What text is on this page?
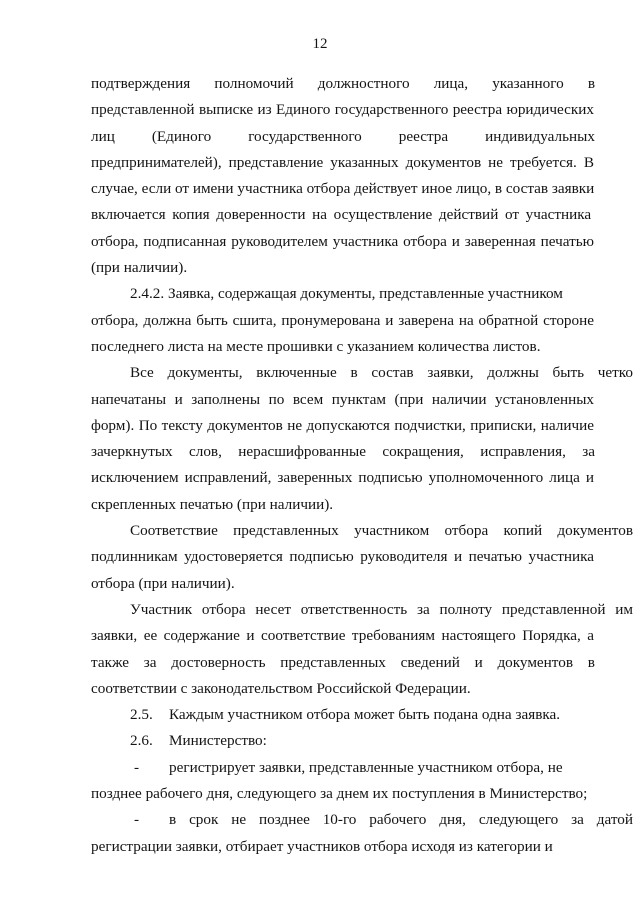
12
подтверждения полномочий должностного лица, указанного в
представленной выписке из Единого государственного реестра юридических
лиц (Единого государственного реестра индивидуальных
предпринимателей), представление указанных документов не требуется. В
случае, если от имени участника отбора действует иное лицо, в состав заявки
включается копия доверенности на осуществление действий от участника
отбора, подписанная руководителем участника отбора и заверенная печатью
(при наличии).
2.4.2. Заявка, содержащая документы, представленные участником
отбора, должна быть сшита, пронумерована и заверена на обратной стороне
последнего листа на месте прошивки с указанием количества листов.
Все документы, включенные в состав заявки, должны быть четко
напечатаны и заполнены по всем пунктам (при наличии установленных
форм). По тексту документов не допускаются подчистки, приписки, наличие
зачеркнутых слов, нерасшифрованные сокращения, исправления, за
исключением исправлений, заверенных подписью уполномоченного лица и
скрепленных печатью (при наличии).
Соответствие представленных участником отбора копий документов
подлинникам удостоверяется подписью руководителя и печатью участника
отбора (при наличии).
Участник отбора несет ответственность за полноту представленной им
заявки, ее содержание и соответствие требованиям настоящего Порядка, а
также за достоверность представленных сведений и документов в
соответствии с законодательством Российской Федерации.
2.5. Каждым участником отбора может быть подана одна заявка.
2.6. Министерство:
- регистрирует заявки, представленные участником отбора, не
позднее рабочего дня, следующего за днем их поступления в Министерство;
- в срок не позднее 10-го рабочего дня, следующего за датой
регистрации заявки, отбирает участников отбора исходя из категории и
